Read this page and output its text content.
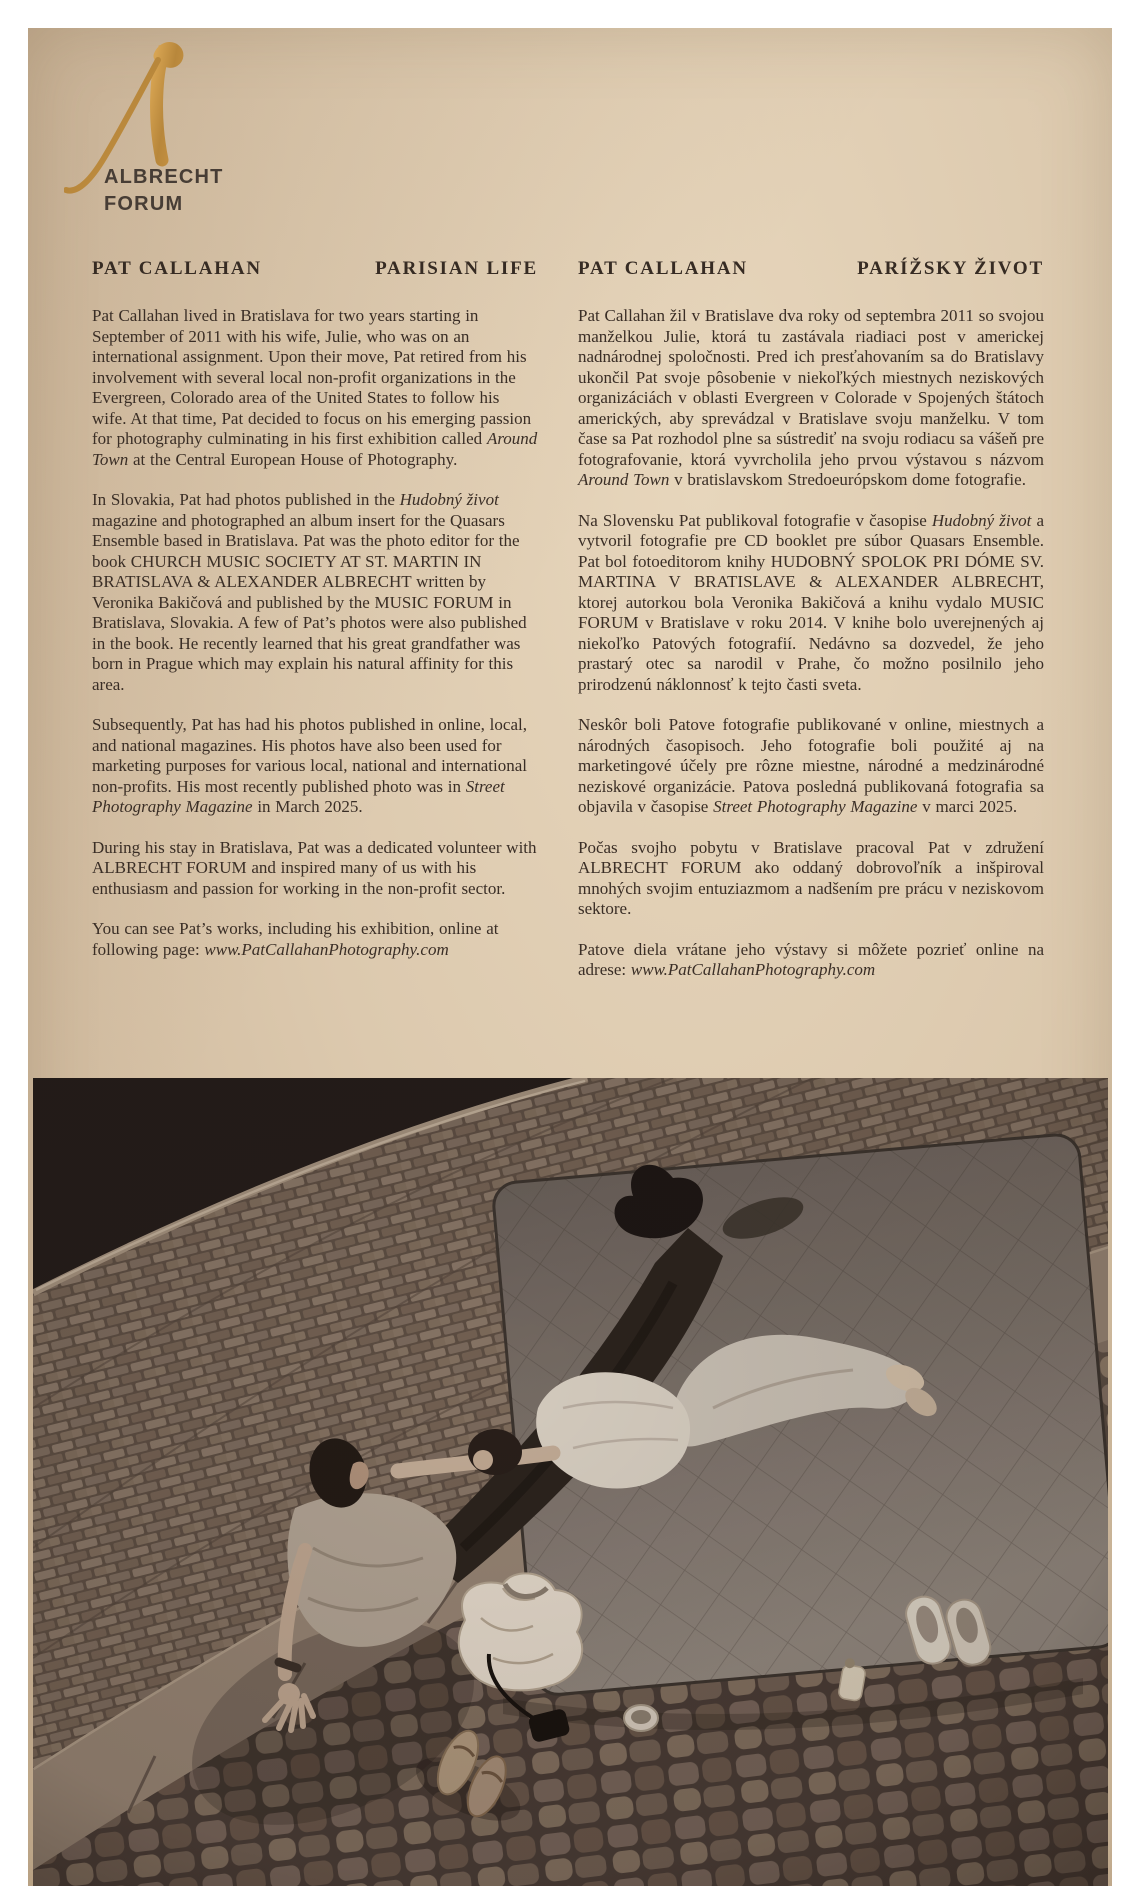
ALBRECHT
FORUM
PAT CALLAHAN	PARISIAN LIFE

Pat Callahan lived in Bratislava for two years starting in September of 2011 with his wife, Julie, who was on an international assignment. Upon their move, Pat retired from his involvement with several local non-profit organizations in the Evergreen, Colorado area of the United States to follow his wife. At that time, Pat decided to focus on his emerging passion for photography culminating in his first exhibition called Around Town at the Central European House of Photography.

In Slovakia, Pat had photos published in the Hudobný život magazine and photographed an album insert for the Quasars Ensemble based in Bratislava. Pat was the photo editor for the book CHURCH MUSIC SOCIETY AT ST. MARTIN IN BRATISLAVA & ALEXANDER ALBRECHT written by Veronika Bakičová and published by the MUSIC FORUM in Bratislava, Slovakia. A few of Pat’s photos were also published in the book. He recently learned that his great grandfather was born in Prague which may explain his natural affinity for this area.

Subsequently, Pat has had his photos published in online, local, and national magazines. His photos have also been used for marketing purposes for various local, national and international non-profits. His most recently published photo was in Street Photography Magazine in March 2025.

During his stay in Bratislava, Pat was a dedicated volunteer with ALBRECHT FORUM and inspired many of us with his enthusiasm and passion for working in the non-profit sector.

You can see Pat’s works, including his exhibition, online at following page: www.PatCallahanPhotography.com

PAT CALLAHAN	PARÍŽSKY ŽIVOT

Pat Callahan žil v Bratislave dva roky od septembra 2011 so svojou manželkou Julie, ktorá tu zastávala riadiaci post v americkej nadnárodnej spoločnosti. Pred ich presťahovaním sa do Bratislavy ukončil Pat svoje pôsobenie v niekoľkých miestnych neziskových organizáciách v oblasti Evergreen v Colorade v Spojených štátoch amerických, aby sprevádzal v Bratislave svoju manželku. V tom čase sa Pat rozhodol plne sa sústrediť na svoju rodiacu sa vášeň pre fotografovanie, ktorá vyvrcholila jeho prvou výstavou s názvom Around Town v bratislavskom Stredoeurópskom dome fotografie.

Na Slovensku Pat publikoval fotografie v časopise Hudobný život a vytvoril fotografie pre CD booklet pre súbor Quasars Ensemble. Pat bol fotoeditorom knihy HUDOBNÝ SPOLOK PRI DÓME SV. MARTINA V BRATISLAVE & ALEXANDER ALBRECHT, ktorej autorkou bola Veronika Bakičová a knihu vydalo MUSIC FORUM v Bratislave v roku 2014. V knihe bolo uverejnených aj niekoľko Patových fotografií. Nedávno sa dozvedel, že jeho prastarý otec sa narodil v Prahe, čo možno posilnilo jeho prirodzenú náklonnosť k tejto časti sveta.

Neskôr boli Patove fotografie publikované v online, miestnych a národných časopisoch. Jeho fotografie boli použité aj na marketingové účely pre rôzne miestne, národné a medzinárodné neziskové organizácie. Patova posledná publikovaná fotografia sa objavila v časopise Street Photography Magazine v marci 2025.

Počas svojho pobytu v Bratislave pracoval Pat v združení ALBRECHT FORUM ako oddaný dobrovoľník a inšpiroval mnohých svojim entuziazmom a nadšením pre prácu v neziskovom sektore.

Patove diela vrátane jeho výstavy si môžete pozrieť online na adrese: www.PatCallahanPhotography.com
